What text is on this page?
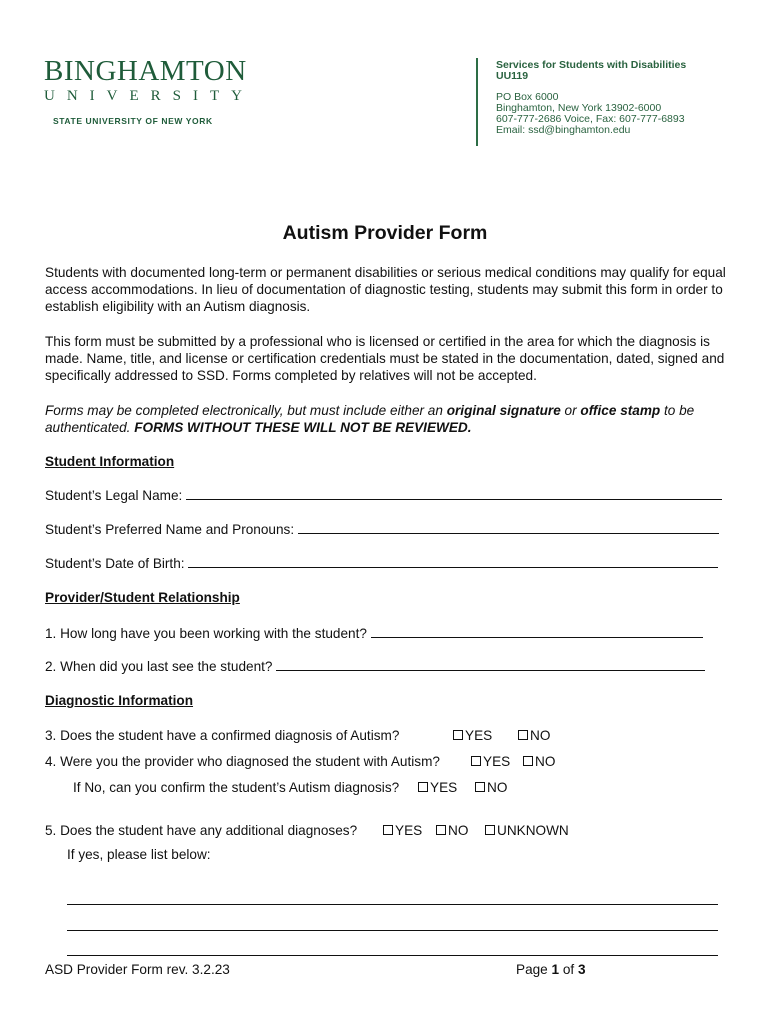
BINGHAMTON
UNIVERSITY
STATE UNIVERSITY OF NEW YORK
Services for Students with Disabilities
UU119
PO Box 6000
Binghamton, New York 13902-6000
607-777-2686 Voice, Fax: 607-777-6893
Email: ssd@binghamton.edu
Autism Provider Form
Students with documented long-term or permanent disabilities or serious medical conditions may qualify for equal access accommodations. In lieu of documentation of diagnostic testing, students may submit this form in order to establish eligibility with an Autism diagnosis.
This form must be submitted by a professional who is licensed or certified in the area for which the diagnosis is made. Name, title, and license or certification credentials must be stated in the documentation, dated, signed and specifically addressed to SSD. Forms completed by relatives will not be accepted.
Forms may be completed electronically, but must include either an original signature or office stamp to be authenticated. FORMS WITHOUT THESE WILL NOT BE REVIEWED.
Student Information
Student’s Legal Name:
Student’s Preferred Name and Pronouns:
Student’s Date of Birth:
Provider/Student Relationship
1. How long have you been working with the student?
2. When did you last see the student?
Diagnostic Information
3. Does the student have a confirmed diagnosis of Autism?	YES	NO
4. Were you the provider who diagnosed the student with Autism?	YES	NO
If No, can you confirm the student’s Autism diagnosis?	YES	NO
5. Does the student have any additional diagnoses?	YES	NO	UNKNOWN
If yes, please list below:
ASD Provider Form rev. 3.2.23	Page 1 of 3
